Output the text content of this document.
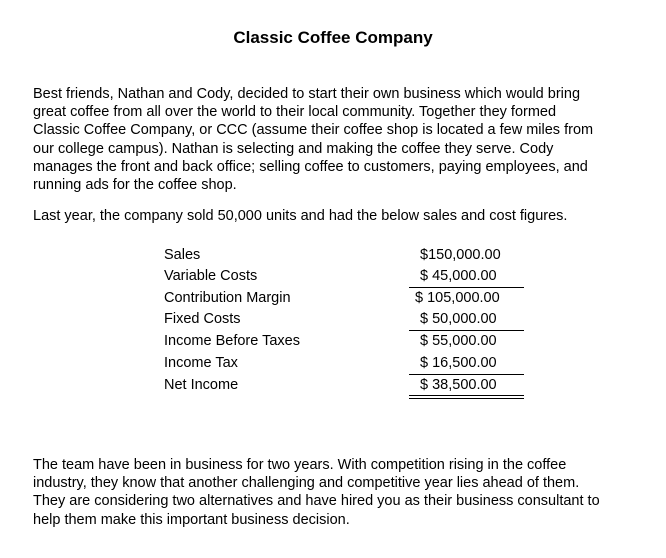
Classic Coffee Company

Best friends, Nathan and Cody, decided to start their own business which would bring
great coffee from all over the world to their local community. Together they formed
Classic Coffee Company, or CCC (assume their coffee shop is located a few miles from
our college campus). Nathan is selecting and making the coffee they serve. Cody
manages the front and back office; selling coffee to customers, paying employees, and
running ads for the coffee shop.

Last year, the company sold 50,000 units and had the below sales and cost figures.

Sales	$150,000.00
Variable Costs	$ 45,000.00
Contribution Margin	$ 105,000.00
Fixed Costs	$ 50,000.00
Income Before Taxes	$ 55,000.00
Income Tax	$ 16,500.00
Net Income	$ 38,500.00

The team have been in business for two years. With competition rising in the coffee
industry, they know that another challenging and competitive year lies ahead of them.
They are considering two alternatives and have hired you as their business consultant to
help them make this important business decision.
